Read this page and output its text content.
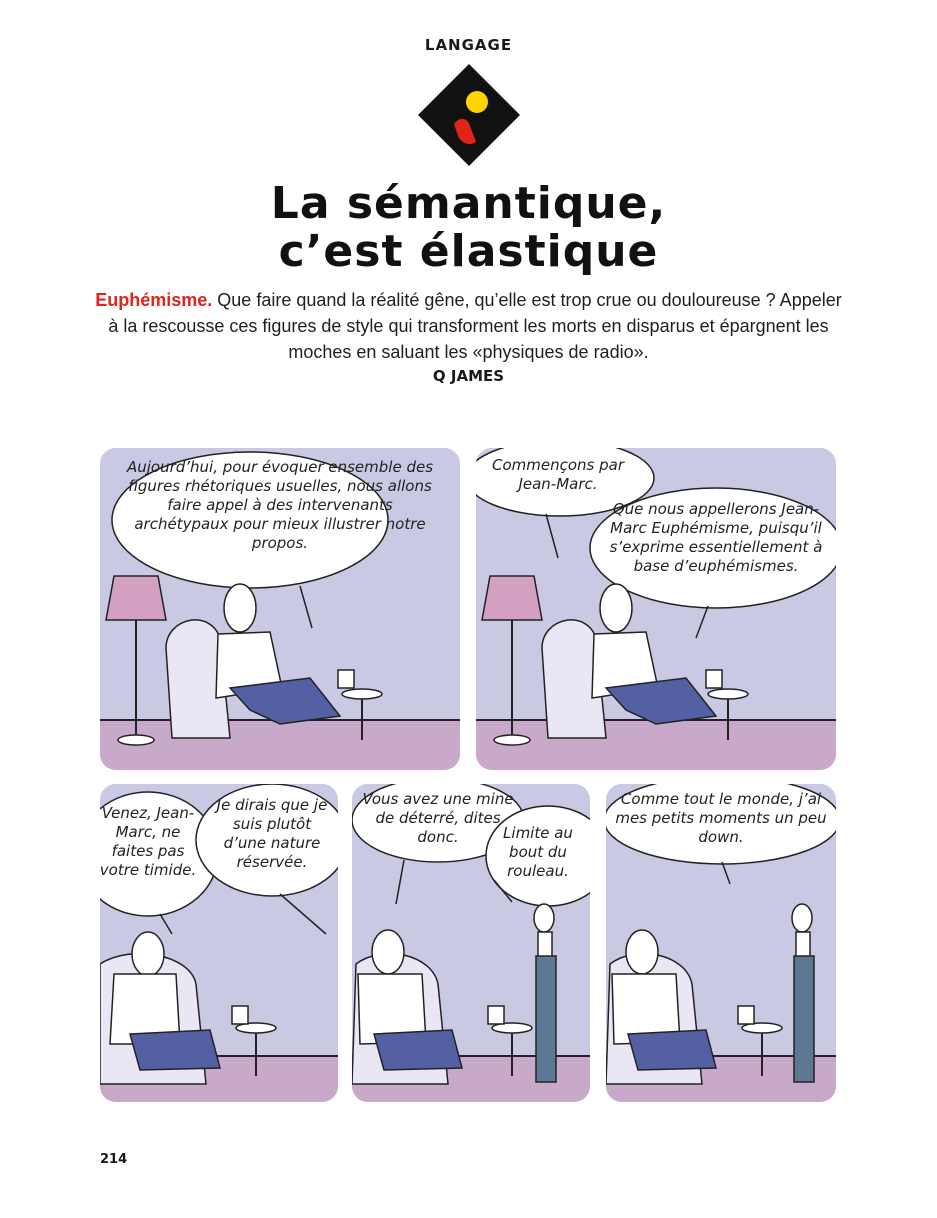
LANGAGE
La sémantique,
c’est élastique
Euphémisme. Que faire quand la réalité gêne, qu’elle est trop crue ou douloureuse ? Appeler à la rescousse ces figures de style qui transforment les morts en disparus et épargnent les moches en saluant les «physiques de radio».
Q JAMES
Aujourd’hui, pour évoquer ensemble des figures rhétoriques usuelles, nous allons faire appel à des intervenants archétypaux pour mieux illustrer notre propos.
Commençons par Jean-Marc.
Que nous appellerons Jean-Marc Euphémisme, puisqu’il s’exprime essentiellement à base d’euphémismes.
Venez, Jean-Marc, ne faites pas votre timide.
Je dirais que je suis plutôt d’une nature réservée.
Vous avez une mine de déterré, dites donc.	Limite au bout du rouleau.
Comme tout le monde, j’ai mes petits moments un peu down.
214
